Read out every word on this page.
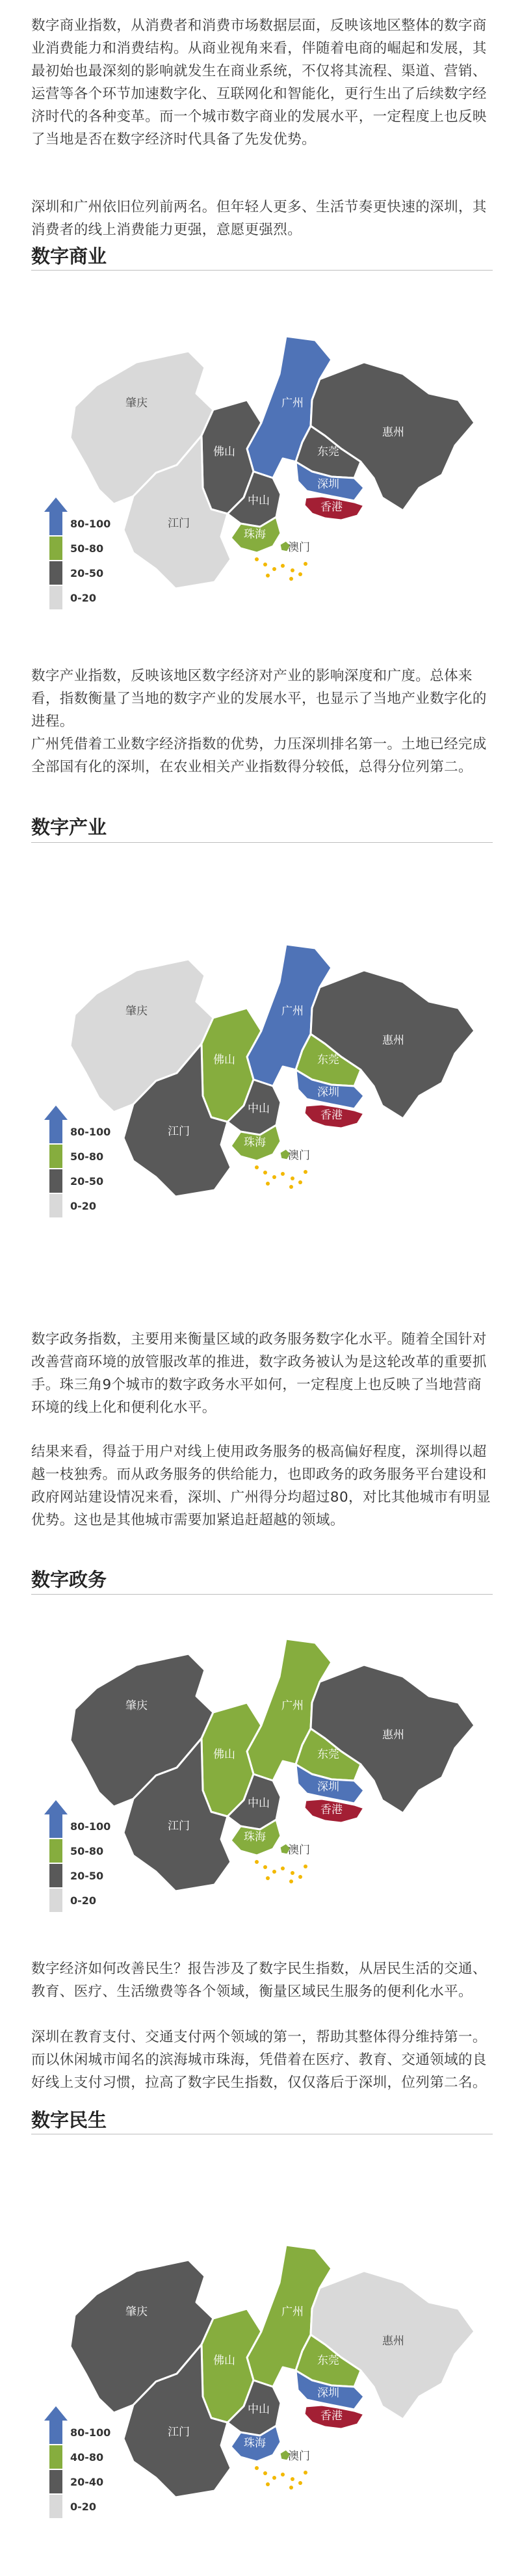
数字商业指数，从消费者和消费市场数据层面，反映该地区整体的数字商业消费能力和消费结构。从商业视角来看，伴随着电商的崛起和发展，其最初始也最深刻的影响就发生在商业系统，不仅将其流程、渠道、营销、运营等各个环节加速数字化、互联网化和智能化，更行生出了后续数字经济时代的各种变革。而一个城市数字商业的发展水平，一定程度上也反映了当地是否在数字经济时代具备了先发优势。

深圳和广州依旧位列前两名。但年轻人更多、生活节奏更快速的深圳，其消费者的线上消费能力更强，意愿更强烈。

数字商业
肇庆	广州
惠州
佛山	东莞
江门
中山
深圳
香港
珠海
澳门
80-100
50-80
20-50
0-20

数字产业指数，反映该地区数字经济对产业的影响深度和广度。总体来看，指数衡量了当地的数字产业的发展水平，也显示了当地产业数字化的进程。

广州凭借着工业数字经济指数的优势，力压深圳排名第一。土地已经完成全部国有化的深圳，在农业相关产业指数得分较低，总得分位列第二。

数字产业
肇庆	广州
惠州
佛山	东莞
江门
中山
深圳
香港
珠海
澳门
80-100
50-80
20-50
0-20

数字政务指数，主要用来衡量区域的政务服务数字化水平。随着全国针对改善营商环境的放管服改革的推进，数字政务被认为是这轮改革的重要抓手。珠三角9个城市的数字政务水平如何，一定程度上也反映了当地营商环境的线上化和便利化水平。

结果来看，得益于用户对线上使用政务服务的极高偏好程度，深圳得以超越一枝独秀。而从政务服务的供给能力，也即政务的政务服务平台建设和政府网站建设情况来看，深圳、广州得分均超过80，对比其他城市有明显优势。这也是其他城市需要加紧追赶超越的领域。

数字政务
肇庆	广州
惠州
佛山	东莞
江门
中山
深圳
香港
珠海
澳门
80-100
50-80
20-50
0-20

数字经济如何改善民生？报告涉及了数字民生指数，从居民生活的交通、教育、医疗、生活缴费等各个领域，衡量区域民生服务的便利化水平。

深圳在教育支付、交通支付两个领域的第一，帮助其整体得分维持第一。而以休闲城市闻名的滨海城市珠海，凭借着在医疗、教育、交通领域的良好线上支付习惯，拉高了数字民生指数，仅仅落后于深圳，位列第二名。

数字民生
肇庆	广州
惠州
佛山	东莞
江门
中山
深圳
香港
珠海
澳门
80-100
40-80
20-40
0-20
